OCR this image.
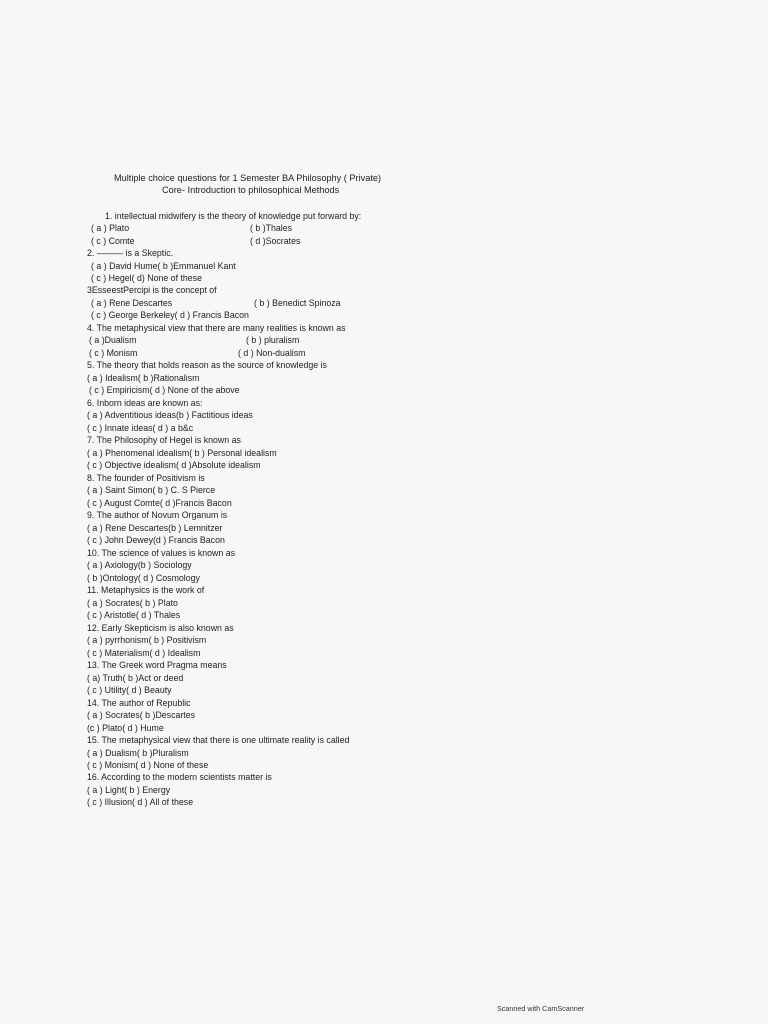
Multiple choice questions for 1 Semester BA Philosophy ( Private)
Core- Introduction to philosophical Methods
1. intellectual midwifery is the theory of knowledge put forward by:
( a ) Plato	( b )Thales
( c ) Comte	( d )Socrates
2. ——— is a Skeptic.
( a ) David Hume( b )Emmanuel Kant
( c ) Hegel( d) None of these
3EsseestPercipi is the concept of
( a ) Rene Descartes	( b ) Benedict Spinoza
( c ) George Berkeley( d ) Francis Bacon
4. The metaphysical view that there are many realities is known as
( a )Dualism	( b ) pluralism
( c ) Monism	( d ) Non-dualism
5. The theory that holds reason as the source of knowledge is
( a ) Idealism( b )Rationalism
( c ) Empiricism( d ) None of the above
6. Inborn ideas are known as:
( a ) Adventitious ideas(b ) Factitious ideas
( c ) Innate ideas( d ) a b&c
7. The Philosophy of Hegel is known as
( a ) Phenomenal idealism( b ) Personal idealism
( c ) Objective idealism( d )Absolute idealism
8. The founder of Positivism is
( a ) Saint Simon( b ) C. S Pierce
( c ) August Comte( d )Francis Bacon
9. The author of Novum Organum is
( a ) Rene Descartes(b ) Lemnitzer
( c ) John Dewey(d ) Francis Bacon
10. The science of values is known as
( a ) Axiology(b ) Sociology
( b )Ontology( d ) Cosmology
11. Metaphysics is the work of
( a ) Socrates( b ) Plato
( c ) Aristotle( d ) Thales
12. Early Skepticism is also known as
( a ) pyrrhonism( b ) Positivism
( c ) Materialism( d ) Idealism
13. The Greek word Pragma means
( a) Truth( b )Act or deed
( c ) Utility( d ) Beauty
14. The author of Republic
( a ) Socrates( b )Descartes
(c ) Plato( d ) Hume
15. The metaphysical view that there is one ultimate reality is called
( a ) Dualism( b )Pluralism
( c ) Monism( d ) None of these
16. According to the modern scientists matter is
( a ) Light( b ) Energy
( c ) Illusion( d ) All of these
Scanned with CamScanner
